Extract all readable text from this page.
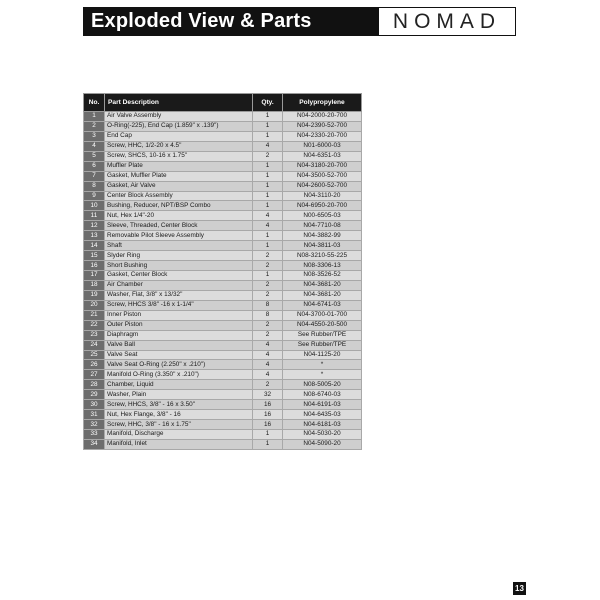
Exploded View & Parts Listing
NOMAD
No.	Part Description	Qty.	Polypropylene
1	Air Valve Assembly	1	N04-2000-20-700
2	O-Ring(-225), End Cap (1.859" x .139")	1	N04-2390-52-700
3	End Cap	1	N04-2330-20-700
4	Screw, HHC, 1/2-20 x 4.5"	4	N01-6000-03
5	Screw, SHCS, 10-16 x 1.75"	2	N04-6351-03
6	Muffler Plate	1	N04-3180-20-700
7	Gasket, Muffler Plate	1	N04-3500-52-700
8	Gasket, Air Valve	1	N04-2600-52-700
9	Center Block Assembly	1	N04-3110-20
10	Bushing, Reducer, NPT/BSP Combo	1	N04-6950-20-700
11	Nut, Hex 1/4"-20	4	N00-6505-03
12	Sleeve, Threaded, Center Block	4	N04-7710-08
13	Removable Pilot Sleeve Assembly	1	N04-3882-99
14	Shaft	1	N04-3811-03
15	Slyder Ring	2	N08-3210-55-225
16	Short Bushing	2	N08-3306-13
17	Gasket, Center Block	1	N08-3526-52
18	Air Chamber	2	N04-3681-20
19	Washer, Flat, 3/8" x 13/32"	2	N04-3681-20
20	Screw, HHCS 3/8" -16 x 1-1/4"	8	N04-6741-03
21	Inner Piston	8	N04-3700-01-700
22	Outer Piston	2	N04-4550-20-500
23	Diaphragm	2	See Rubber/TPE
24	Valve Ball	4	See Rubber/TPE
25	Valve Seat	4	N04-1125-20
26	Valve Seat O-Ring (2.250" x .210")	4	*
27	Manifold O-Ring (3.350" x .210")	4	*
28	Chamber, Liquid	2	N08-5005-20
29	Washer, Plain	32	N08-6740-03
30	Screw, HHCS, 3/8" - 16 x 3.50"	16	N04-6191-03
31	Nut, Hex Flange, 3/8" - 16	16	N04-6435-03
32	Screw, HHC, 3/8" - 16 x 1.75"	16	N04-6181-03
33	Manifold, Discharge	1	N04-5030-20
34	Manifold, Inlet	1	N04-5090-20
13
